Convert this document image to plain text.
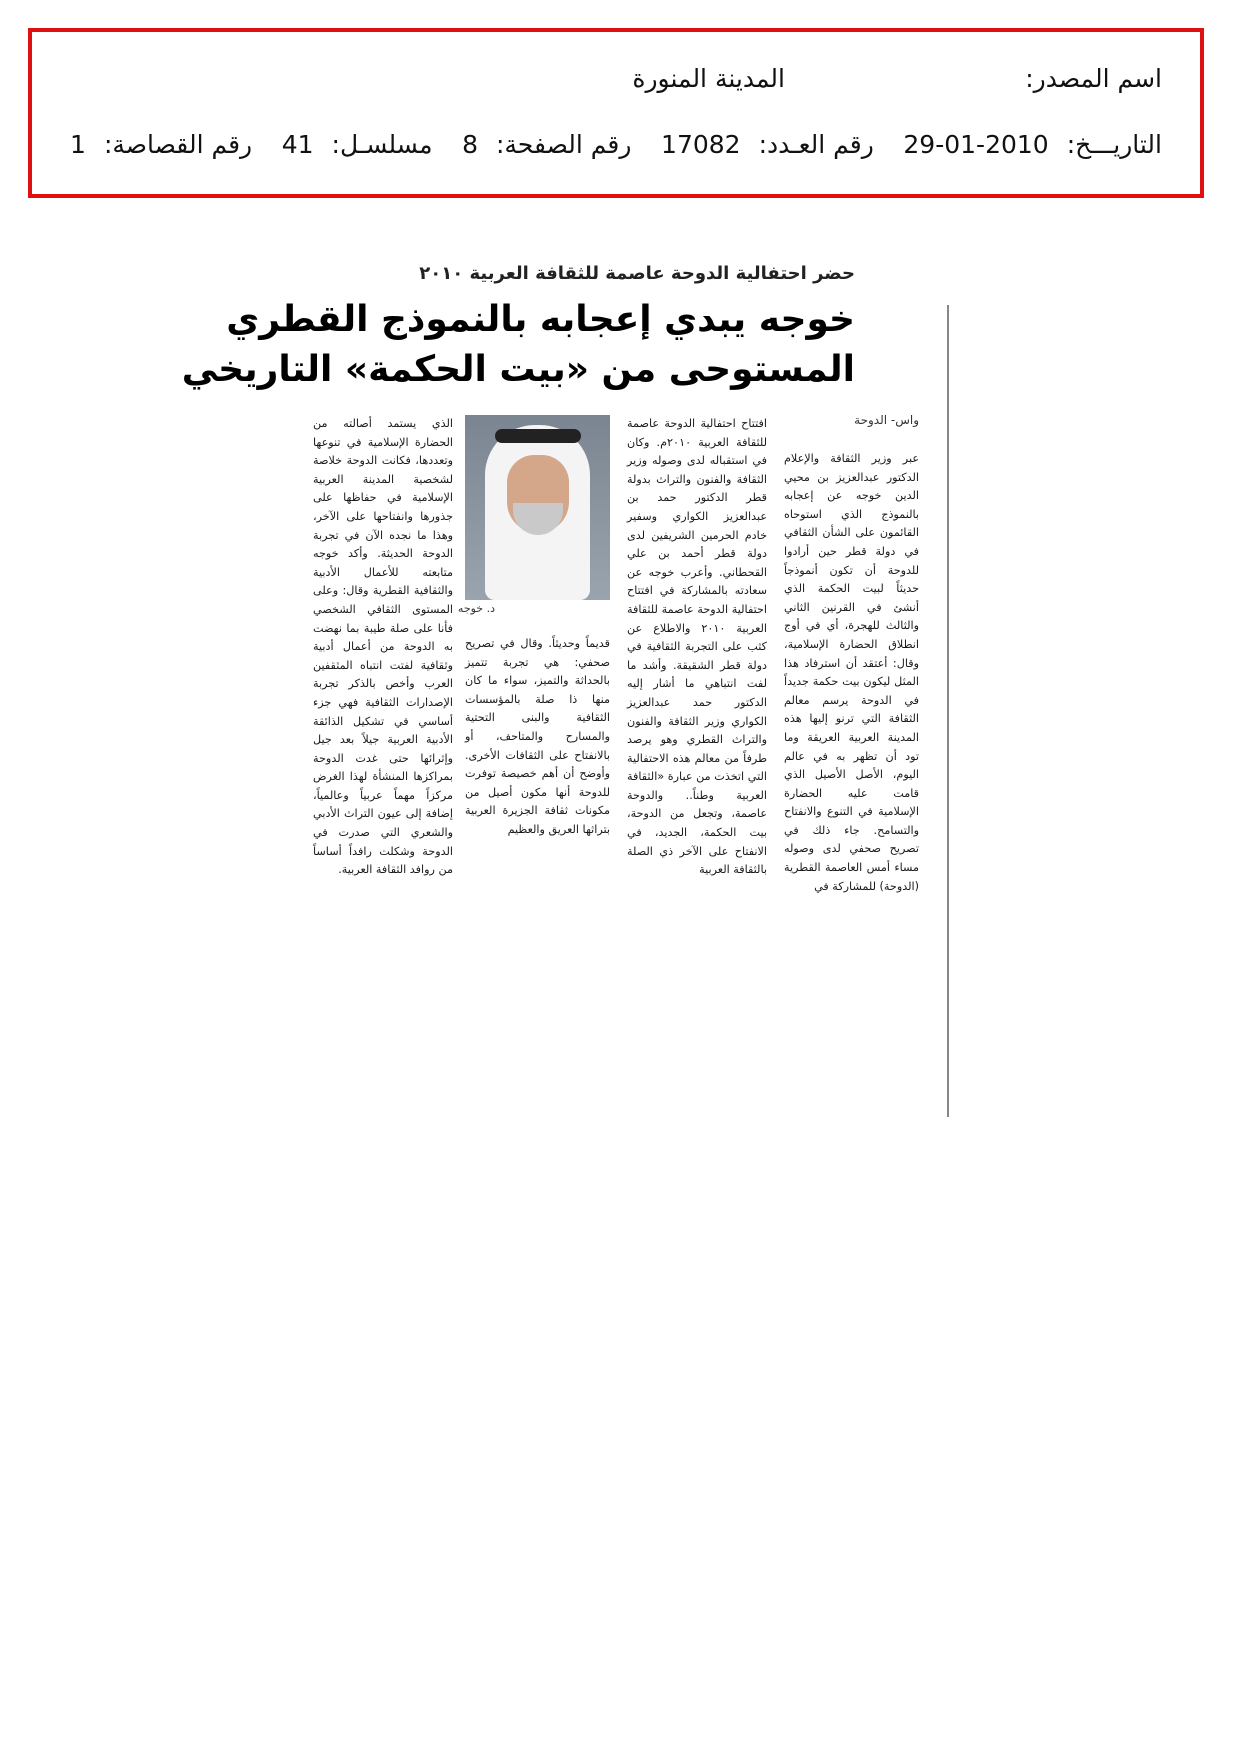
اسم المصدر:
المدينة المنورة
التاريـــخ:
29-01-2010
رقم العـدد:
17082
رقم الصفحة:
8
مسلسـل:
41
رقم القصاصة:
1
حضر احتفالية الدوحة عاصمة للثقافة العربية ٢٠١٠
خوجه يبدي إعجابه بالنموذج القطري
المستوحى من «بيت الحكمة» التاريخي
واس- الدوحة

عبر وزير الثقافة والإعلام الدكتور عبدالعزيز بن محيي الدين خوجه عن إعجابه بالنموذج الذي استوحاه القائمون على الشأن الثقافي في دولة قطر حين أرادوا للدوحة أن تكون أنموذجاً حديثاً لبيت الحكمة الذي أنشئ في القرنين الثاني والثالث للهجرة، أي في أوج انطلاق الحضارة الإسلامية، وقال: أعتقد أن استرفاد هذا المثل ليكون بيت حكمة جديداً في الدوحة يرسم معالم الثقافة التي ترنو إليها هذه المدينة العربية العريقة وما تود أن تظهر به في عالم اليوم، الأصل الأصيل الذي قامت عليه الحضارة الإسلامية في التنوع والانفتاح والتسامح. جاء ذلك في تصريح صحفي لدى وصوله مساء أمس العاصمة القطرية (الدوحة) للمشاركة في

افتتاح احتفالية الدوحة عاصمة للثقافة العربية ٢٠١٠م. وكان في استقباله لدى وصوله وزير الثقافة والفنون والتراث بدولة قطر الدكتور حمد بن عبدالعزيز الكواري وسفير خادم الحرمين الشريفين لدى دولة قطر أحمد بن علي القحطاني. وأعرب خوجه عن سعادته بالمشاركة في افتتاح احتفالية الدوحة عاصمة للثقافة العربية ٢٠١٠ والاطلاع عن كثب على التجربة الثقافية في دولة قطر الشقيقة. وأشد ما لفت انتباهي ما أشار إليه الدكتور حمد عبدالعزيز الكواري وزير الثقافة والفنون والتراث القطري وهو يرصد طرفاً من معالم هذه الاحتفالية التي اتخذت من عبارة «الثقافة العربية وطناً.. والدوحة عاصمة، وتجعل من الدوحة، بيت الحكمة، الجديد، في الانفتاح على الآخر ذي الصلة بالثقافة العربية

د. خوجه

قديماً وحديثاً. وقال في تصريح صحفي: هي تجربة تتميز بالحداثة والتميز، سواء ما كان منها ذا صلة بالمؤسسات الثقافية والبنى التحتية والمسارح والمتاحف، أو بالانفتاح على الثقافات الأخرى. وأوضح أن أهم خصيصة توفرت للدوحة أنها مكون أصيل من مكونات ثقافة الجزيرة العربية بتراثها العريق والعظيم

الذي يستمد أصالته من الحضارة الإسلامية في تنوعها وتعددها، فكانت الدوحة خلاصة لشخصية المدينة العربية الإسلامية في حفاظها على جذورها وانفتاحها على الآخر، وهذا ما نجده الآن في تجربة الدوحة الحديثة. وأكد خوجه متابعته للأعمال الأدبية والثقافية القطرية وقال: وعلى المستوى الثقافي الشخصي فأنا على صلة طيبة بما نهضت به الدوحة من أعمال أدبية وثقافية لفتت انتباه المثقفين العرب وأخص بالذكر تجربة الإصدارات الثقافية فهي جزء أساسي في تشكيل الذائقة الأدبية العربية جيلاً بعد جيل وإثرائها حتى غدت الدوحة بمراكزها المنشأة لهذا الغرض مركزاً مهماً عربياً وعالمياً، إضافة إلى عيون التراث الأدبي والشعري التي صدرت في الدوحة وشكلت رافداً أساساً من روافد الثقافة العربية.
